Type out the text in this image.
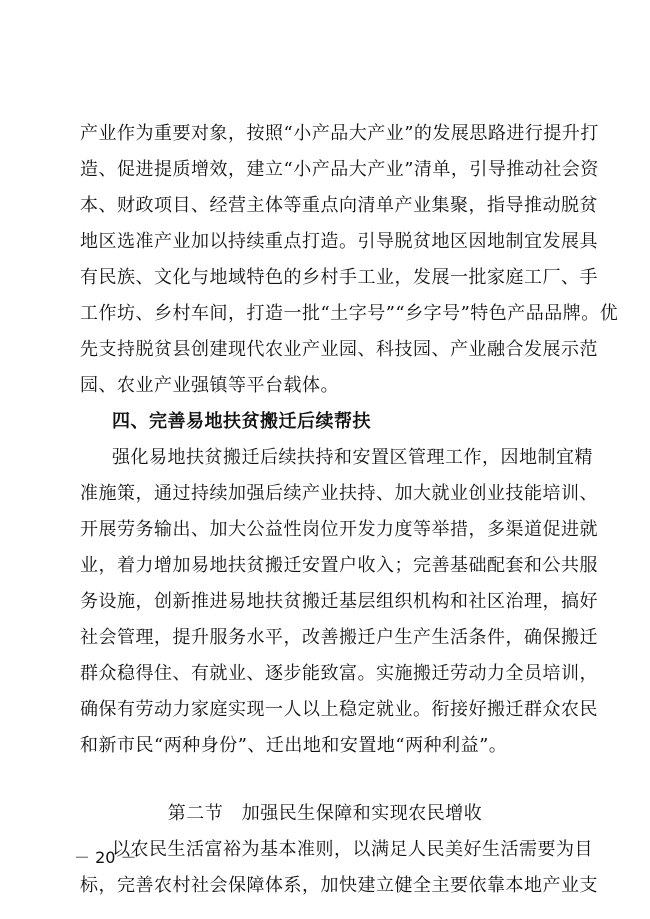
产业作为重要对象，按照“小产品大产业”的发展思路进行提升打
造、促进提质增效，建立“小产品大产业”清单，引导推动社会资
本、财政项目、经营主体等重点向清单产业集聚，指导推动脱贫
地区选准产业加以持续重点打造。引导脱贫地区因地制宜发展具
有民族、文化与地域特色的乡村手工业，发展一批家庭工厂、手
工作坊、乡村车间，打造一批“土字号”“乡字号”特色产品品牌。优
先支持脱贫县创建现代农业产业园、科技园、产业融合发展示范
园、农业产业强镇等平台载体。
四、完善易地扶贫搬迁后续帮扶
强化易地扶贫搬迁后续扶持和安置区管理工作，因地制宜精
准施策，通过持续加强后续产业扶持、加大就业创业技能培训、
开展劳务输出、加大公益性岗位开发力度等举措，多渠道促进就
业，着力增加易地扶贫搬迁安置户收入；完善基础配套和公共服
务设施，创新推进易地扶贫搬迁基层组织机构和社区治理，搞好
社会管理，提升服务水平，改善搬迁户生产生活条件，确保搬迁
群众稳得住、有就业、逐步能致富。实施搬迁劳动力全员培训，
确保有劳动力家庭实现一人以上稳定就业。衔接好搬迁群众农民
和新市民“两种身份”、迁出地和安置地“两种利益”。
第二节　加强民生保障和实现农民增收
以农民生活富裕为基本准则，以满足人民美好生活需要为目
标，完善农村社会保障体系，加快建立健全主要依靠本地产业支
－ 20 －
